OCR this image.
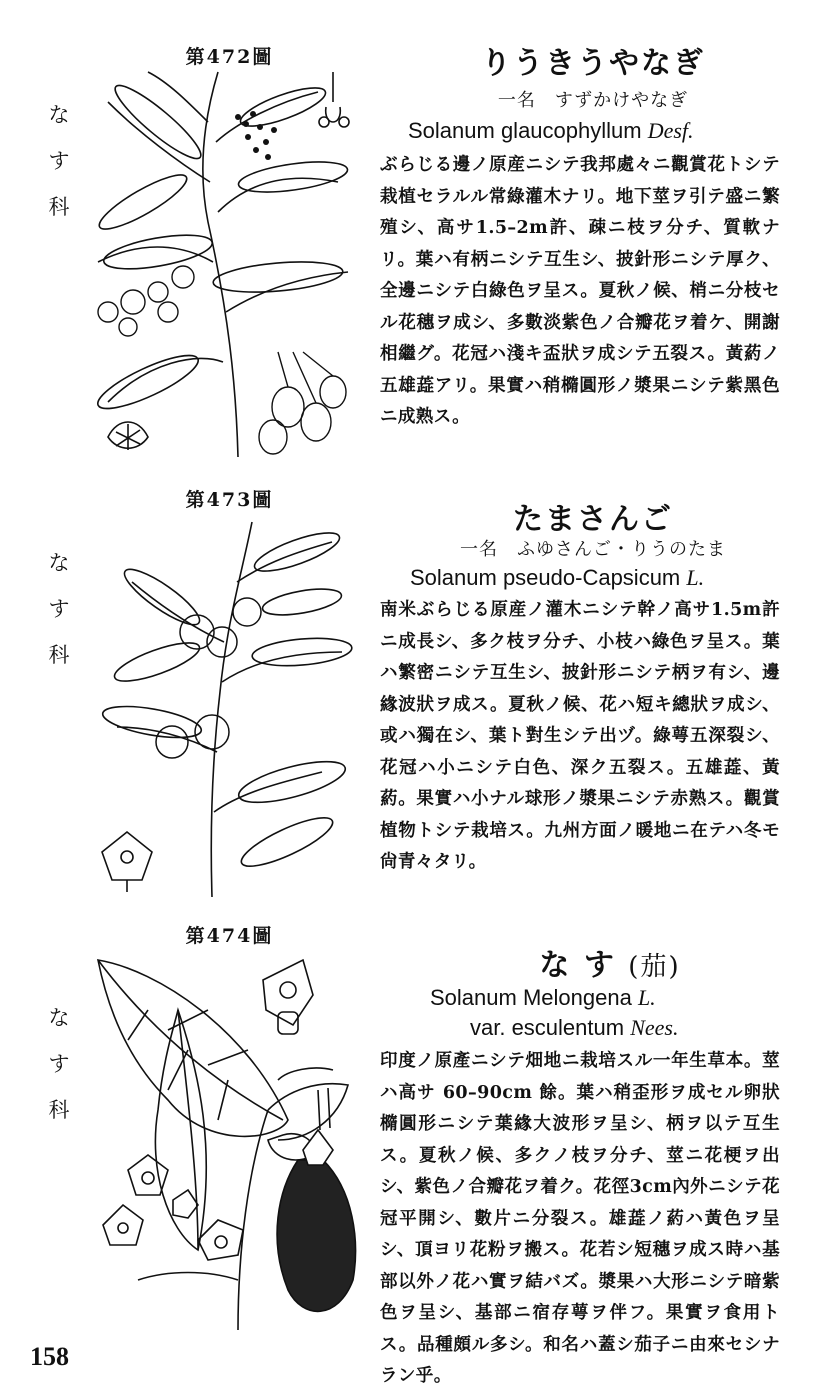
第472圖
な
す
科
りうきうやなぎ
一名　すずかけやなぎ
Solanum glaucophyllum Desf.

ぶらじる邊ノ原産ニシテ我邦處々ニ觀賞花トシテ栽植セラルル常綠灌木ナリ。地下莖ヲ引テ盛ニ繁殖シ、高サ1.5–2m許、疎ニ枝ヲ分チ、質軟ナリ。葉ハ有柄ニシテ互生シ、披針形ニシテ厚ク、全邊ニシテ白綠色ヲ呈ス。夏秋ノ候、梢ニ分枝セル花穗ヲ成シ、多數淡紫色ノ合瓣花ヲ着ケ、開謝相繼グ。花冠ハ淺キ盃狀ヲ成シテ五裂ス。黃葯ノ五雄蕋アリ。果實ハ稍橢圓形ノ漿果ニシテ紫黑色ニ成熟ス。

第473圖
な
す
科
たまさんご
一名　ふゆさんご・りうのたま
Solanum pseudo-Capsicum L.

南米ぶらじる原産ノ灌木ニシテ幹ノ高サ1.5m許ニ成長シ、多ク枝ヲ分チ、小枝ハ綠色ヲ呈ス。葉ハ繁密ニシテ互生シ、披針形ニシテ柄ヲ有シ、邊緣波狀ヲ成ス。夏秋ノ候、花ハ短キ總狀ヲ成シ、或ハ獨在シ、葉ト對生シテ出ヅ。綠萼五深裂シ、花冠ハ小ニシテ白色、深ク五裂ス。五雄蕋、黃葯。果實ハ小ナル球形ノ漿果ニシテ赤熟ス。觀賞植物トシテ栽培ス。九州方面ノ暖地ニ在テハ冬モ尙青々タリ。

第474圖
な
す
科
な す (茄)
Solanum Melongena L.
var. esculentum Nees.

印度ノ原產ニシテ畑地ニ栽培スル一年生草本。莖ハ高サ 60–90cm 餘。葉ハ稍歪形ヲ成セル卵狀橢圓形ニシテ葉緣大波形ヲ呈シ、柄ヲ以テ互生ス。夏秋ノ候、多クノ枝ヲ分チ、莖ニ花梗ヲ出シ、紫色ノ合瓣花ヲ着ク。花徑3cm內外ニシテ花冠平開シ、數片ニ分裂ス。雄蕋ノ葯ハ黃色ヲ呈シ、頂ヨリ花粉ヲ搬ス。花若シ短穗ヲ成ス時ハ基部以外ノ花ハ實ヲ結バズ。漿果ハ大形ニシテ暗紫色ヲ呈シ、基部ニ宿存萼ヲ伴フ。果實ヲ食用トス。品種頗ル多シ。和名ハ蓋シ茄子ニ由來セシナラン乎。

158
